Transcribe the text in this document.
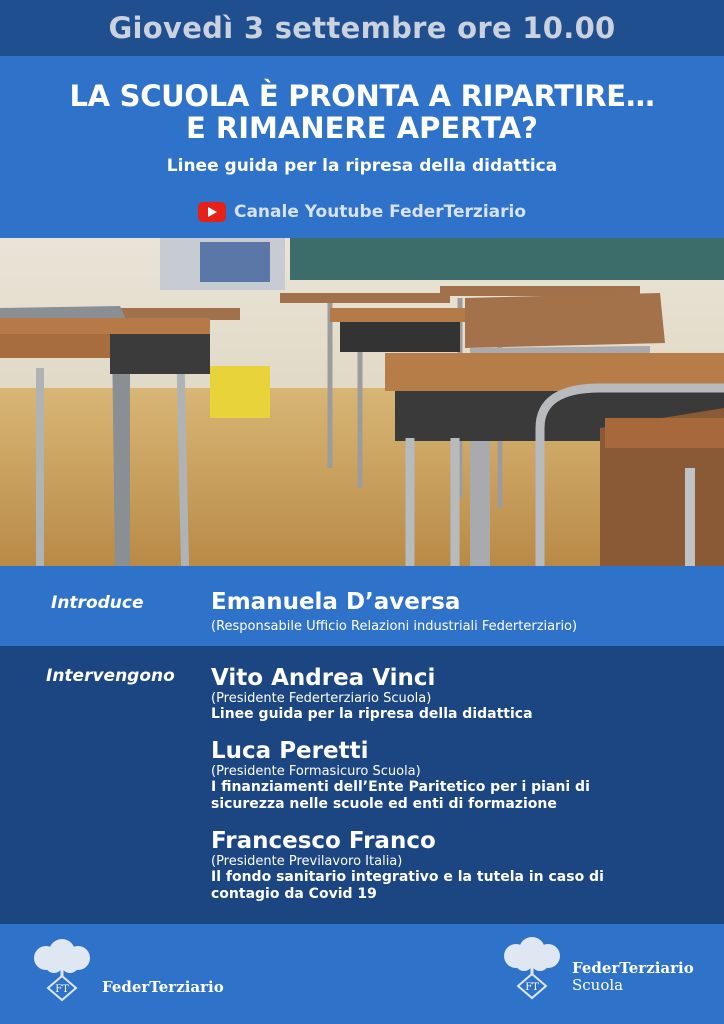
Giovedì 3 settembre ore 10.00
LA SCUOLA È PRONTA A RIPARTIRE…
E RIMANERE APERTA?
Linee guida per la ripresa della didattica
Canale Youtube FederTerziario
Introduce	Emanuela D’aversa
(Responsabile Ufficio Relazioni industriali Federterziario)
Intervengono Vito Andrea Vinci
(Presidente Federterziario Scuola)
Linee guida per la ripresa della didattica
Luca Peretti
(Presidente Formasicuro Scuola)
I finanziamenti dell’Ente Paritetico per i piani di
sicurezza nelle scuole ed enti di formazione
Francesco Franco
(Presidente Previlavoro Italia)
Il fondo sanitario integrativo e la tutela in caso di
contagio da Covid 19
FT FederTerziario	FT
FederTerziario
Scuola
